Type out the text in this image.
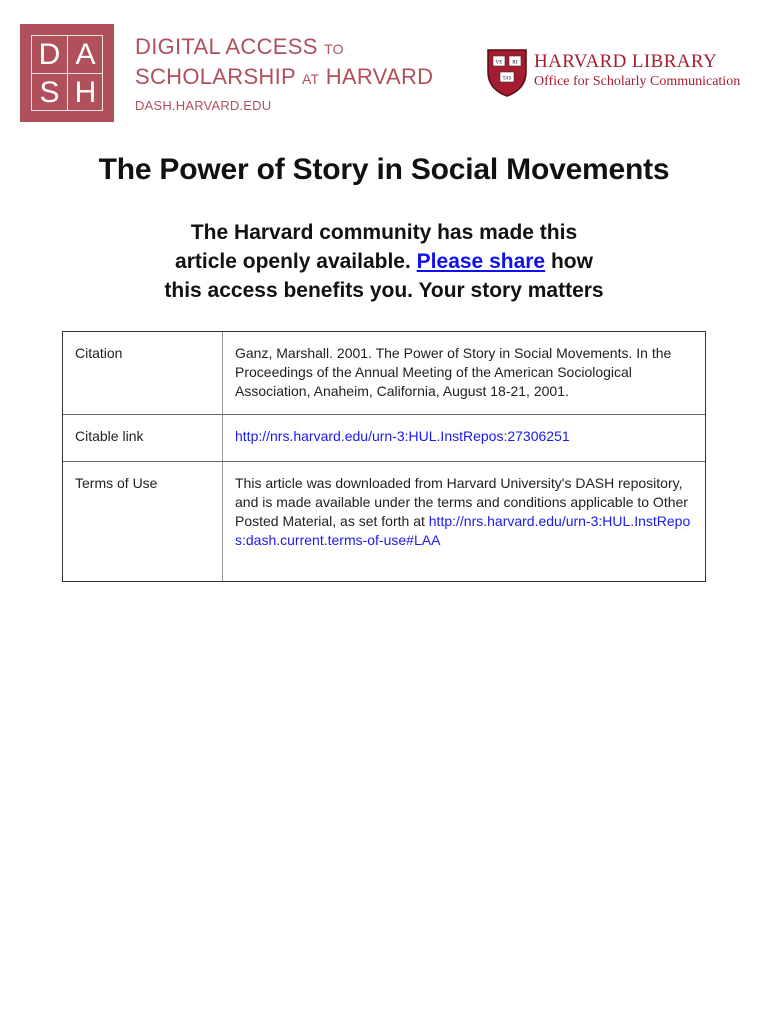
D A
S H
DIGITAL ACCESS TO
SCHOLARSHIP AT HARVARD
DASH.HARVARD.EDU
VE RI
TAS
HARVARD LIBRARY
Office for Scholarly Communication
The Power of Story in Social Movements
The Harvard community has made this
article openly available. Please share how
this access benefits you. Your story matters
Citation	Ganz, Marshall. 2001. The Power of Story in Social Movements. In the Proceedings of the Annual Meeting of the American Sociological Association, Anaheim, California, August 18-21, 2001.
Citable link	http://nrs.harvard.edu/urn-3:HUL.InstRepos:27306251
Terms of Use	This article was downloaded from Harvard University's DASH repository, and is made available under the terms and conditions applicable to Other Posted Material, as set forth at http://nrs.harvard.edu/urn-3:HUL.InstRepos:dash.current.terms-of-use#LAA
